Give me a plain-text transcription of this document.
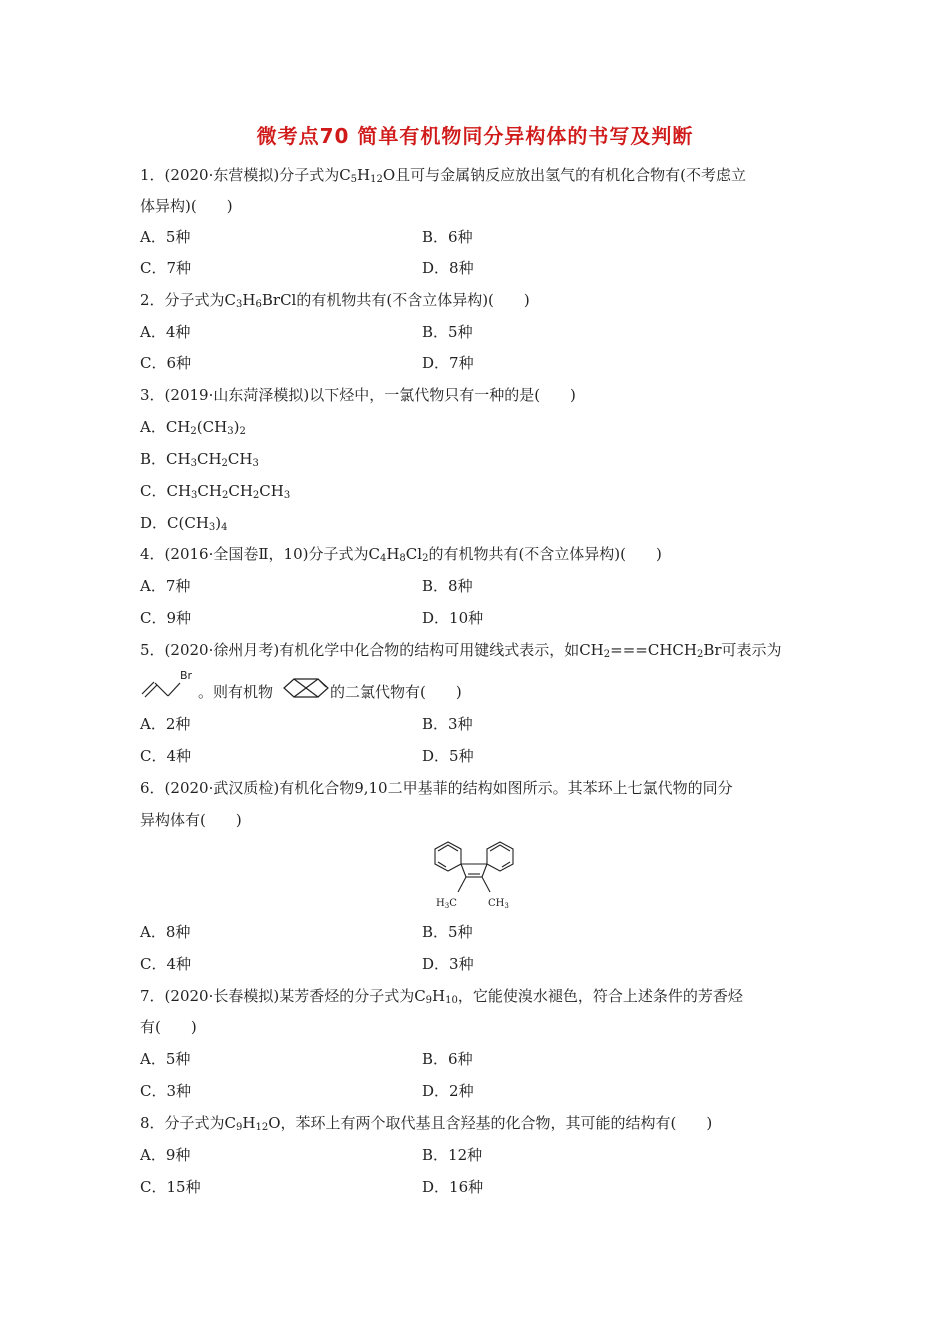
微考点70 简单有机物同分异构体的书写及判断
1．(2020·东营模拟)分子式为$C_5H_{12}O$且可与金属钠反应放出氢气的有机化合物有(不考虑立
体异构)(　　)
A．5种	B．6种
C．7种	D．8种
2．分子式为$C_3H_6BrCl$的有机物共有(不含立体异构)(　　)
A．4种	B．5种
C．6种	D．7种
3．(2019·山东菏泽模拟)以下烃中，一氯代物只有一种的是(　　)
A．$CH_2(CH_3)_2$
B．$CH_3CH_2CH_3$
C．$CH_3CH_2CH_2CH_3$
D．$C(CH_3)_4$
4．(2016·全国卷Ⅱ，10)分子式为$C_4H_8Cl_2$的有机物共有(不含立体异构)(　　)
A．7种	B．8种
C．9种	D．10种
5．(2020·徐州月考)有机化学中化合物的结构可用键线式表示，如$CH_2===CHCH_2Br$可表示为
Br
。则有机物	的二氯代物有(　　)
A．2种	B．3种
C．4种	D．5种
6．(2020·武汉质检)有机化合物9,10二甲基菲的结构如图所示。其苯环上七氯代物的同分
异构体有(　　)
$H_3C$	$CH_3$
A．8种	B．5种
C．4种	D．3种
7．(2020·长春模拟)某芳香烃的分子式为$C_9H_{10}$，它能使溴水褪色，符合上述条件的芳香烃
有(　　)
A．5种	B．6种
C．3种	D．2种
8．分子式为$C_9H_{12}O$，苯环上有两个取代基且含羟基的化合物，其可能的结构有(　　)
A．9种	B．12种
C．15种	D．16种
